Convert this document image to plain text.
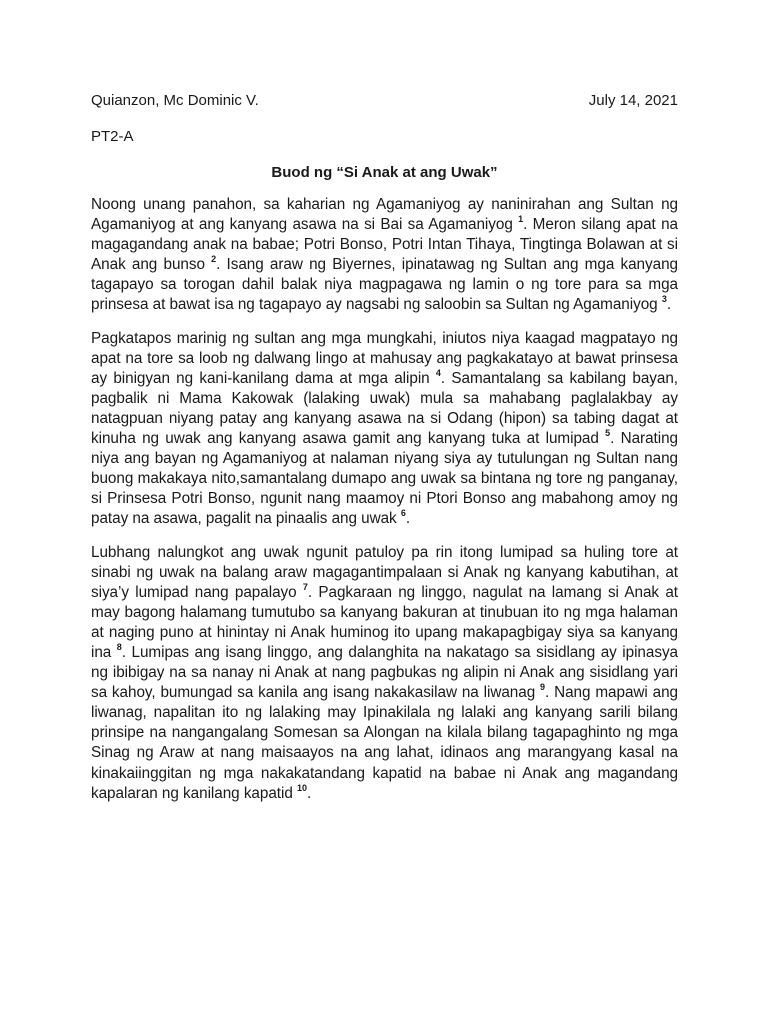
Quianzon, Mc Dominic V.	July 14, 2021
PT2-A
Buod ng “Si Anak at ang Uwak”

Noong unang panahon, sa kaharian ng Agamaniyog ay naninirahan ang Sultan ng Agamaniyog at ang kanyang asawa na si Bai sa Agamaniyog $^1$. Meron silang apat na magagandang anak na babae; Potri Bonso, Potri Intan Tihaya, Tingtinga Bolawan at si Anak ang bunso $^2$. Isang araw ng Biyernes, ipinatawag ng Sultan ang mga kanyang tagapayo sa torogan dahil balak niya magpagawa ng lamin o ng tore para sa mga prinsesa at bawat isa ng tagapayo ay nagsabi ng saloobin sa Sultan ng Agamaniyog $^3$.

Pagkatapos marinig ng sultan ang mga mungkahi, iniutos niya kaagad magpatayo ng apat na tore sa loob ng dalwang lingo at mahusay ang pagkakatayo at bawat prinsesa ay binigyan ng kani-kanilang dama at mga alipin $^4$. Samantalang sa kabilang bayan, pagbalik ni Mama Kakowak (lalaking uwak) mula sa mahabang paglalakbay ay natagpuan niyang patay ang kanyang asawa na si Odang (hipon) sa tabing dagat at kinuha ng uwak ang kanyang asawa gamit ang kanyang tuka at lumipad $^5$. Narating niya ang bayan ng Agamaniyog at nalaman niyang siya ay tutulungan ng Sultan nang buong makakaya nito,samantalang dumapo ang uwak sa bintana ng tore ng panganay, si Prinsesa Potri Bonso, ngunit nang maamoy ni Ptori Bonso ang mabahong amoy ng patay na asawa, pagalit na pinaalis ang uwak $^6$.

Lubhang nalungkot ang uwak ngunit patuloy pa rin itong lumipad sa huling tore at sinabi ng uwak na balang araw magagantimpalaan si Anak ng kanyang kabutihan, at siya’y lumipad nang papalayo $^7$. Pagkaraan ng linggo, nagulat na lamang si Anak at may bagong halamang tumutubo sa kanyang bakuran at tinubuan ito ng mga halaman at naging puno at hinintay ni Anak huminog ito upang makapagbigay siya sa kanyang ina $^8$. Lumipas ang isang linggo, ang dalanghita na nakatago sa sisidlang ay ipinasya ng ibibigay na sa nanay ni Anak at nang pagbukas ng alipin ni Anak ang sisidlang yari sa kahoy, bumungad sa kanila ang isang nakakasilaw na liwanag $^9$. Nang mapawi ang liwanag, napalitan ito ng lalaking may Ipinakilala ng lalaki ang kanyang sarili bilang prinsipe na nangangalang Somesan sa Alongan na kilala bilang tagapaghinto ng mga Sinag ng Araw at nang maisaayos na ang lahat, idinaos ang marangyang kasal na kinakaiinggitan ng mga nakakatandang kapatid na babae ni Anak ang magandang kapalaran ng kanilang kapatid $^{10}$.
